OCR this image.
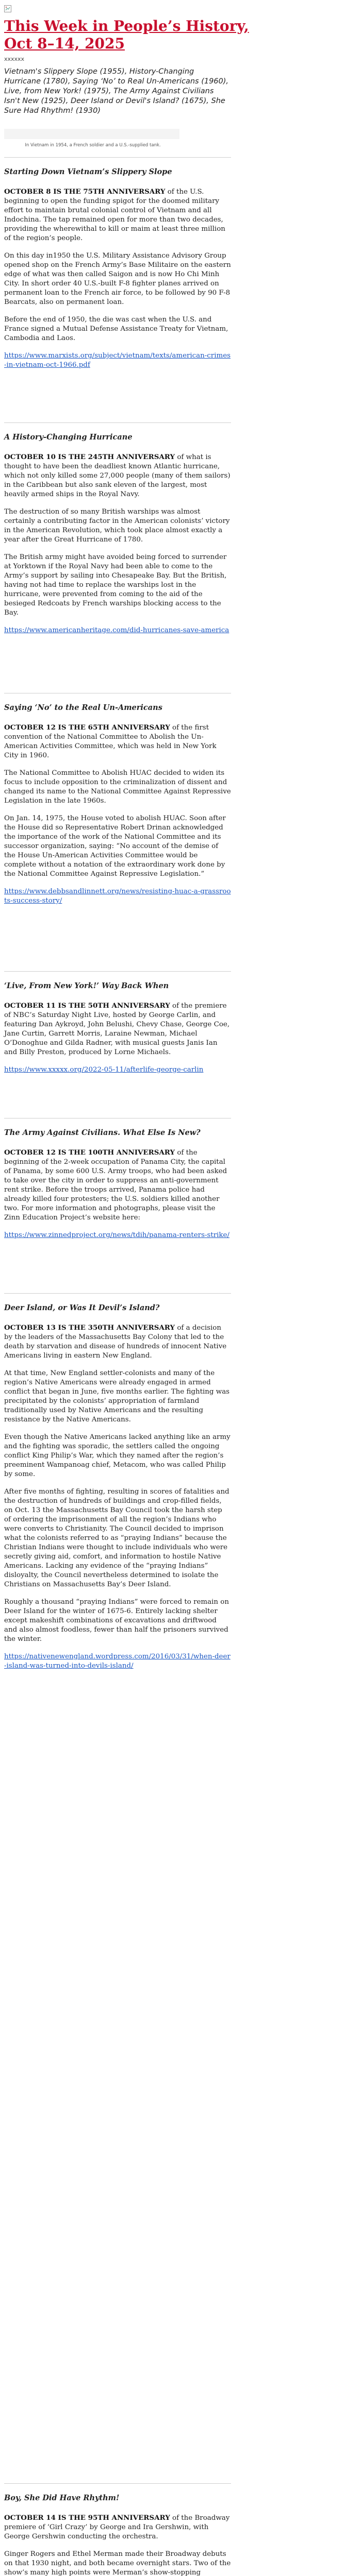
This Week in People’s History, Oct 8–14, 2025
xxxxxx
Vietnam's Slippery Slope (1955), History-Changing Hurricane (1780), Saying ‘No’ to Real Un-Americans (1960), Live, from New York! (1975), The Army Against Civilians Isn't New (1925), Deer Island or Devil's Island? (1675), She Sure Had Rhythm! (1930)
In Vietnam in 1954, a French soldier and a U.S.-supplied tank.
Starting Down Vietnam’s Slippery Slope

OCTOBER 8 IS THE 75TH ANNIVERSARY of the U.S. beginning to open the funding spigot for the doomed military effort to maintain brutal colonial control of Vietnam and all Indochina. The tap remained open for more than two decades, providing the wherewithal to kill or maim at least three million of the region’s people.

On this day in1950 the U.S. Military Assistance Advisory Group opened shop on the French Army’s Base Militaire on the eastern edge of what was then called Saigon and is now Ho Chi Minh City. In short order 40 U.S.-built F-8 fighter planes arrived on permanent loan to the French air force, to be followed by 90 F-8 Bearcats, also on permanent loan.

Before the end of 1950, the die was cast when the U.S. and France signed a Mutual Defense Assistance Treaty for Vietnam, Cambodia and Laos.

https://www.marxists.org/subject/vietnam/texts/american-crimes-in-vietnam-oct-1966.pdf

A History-Changing Hurricane

OCTOBER 10 IS THE 245TH ANNIVERSARY of what is thought to have been the deadliest known Atlantic hurricane, which not only killed some 27,000 people (many of them sailors) in the Caribbean but also sank eleven of the largest, most heavily armed ships in the Royal Navy.

The destruction of so many British warships was almost certainly a contributing factor in the American colonists’ victory in the American Revolution, which took place almost exactly a year after the Great Hurricane of 1780.

The British army might have avoided being forced to surrender at Yorktown if the Royal Navy had been able to come to the Army’s support by sailing into Chesapeake Bay. But the British, having not had time to replace the warships lost in the hurricane, were prevented from coming to the aid of the besieged Redcoats by French warships blocking access to the Bay.

https://www.americanheritage.com/did-hurricanes-save-america

Saying ‘No’ to the Real Un-Americans

OCTOBER 12 IS THE 65TH ANNIVERSARY of the first convention of the National Committee to Abolish the Un-American Activities Committee, which was held in New York City in 1960.

The National Committee to Abolish HUAC decided to widen its focus to include opposition to the criminalization of dissent and changed its name to the National Committee Against Repressive Legislation in the late 1960s.

On Jan. 14, 1975, the House voted to abolish HUAC. Soon after the House did so Representative Robert Drinan acknowledged the importance of the work of the National Committee and its successor organization, saying: “No account of the demise of the House Un-American Activities Committee would be complete without a notation of the extraordinary work done by the National Committee Against Repressive Legislation.”

https://www.debbsandlinnett.org/news/resisting-huac-a-grassroots-success-story/

‘Live, From New York!’ Way Back When

OCTOBER 11 IS THE 50TH ANNIVERSARY of the premiere of NBC’s Saturday Night Live, hosted by George Carlin, and featuring Dan Aykroyd, John Belushi, Chevy Chase, George Coe, Jane Curtin, Garrett Morris, Laraine Newman, Michael O’Donoghue and Gilda Radner, with musical guests Janis Ian and Billy Preston, produced by Lorne Michaels.

https://www.xxxxx.org/2022-05-11/afterlife-george-carlin

The Army Against Civilians. What Else Is New?

OCTOBER 12 IS THE 100TH ANNIVERSARY of the beginning of the 2-week occupation of Panama City, the capital of Panama, by some 600 U.S. Army troops, who had been asked to take over the city in order to suppress an anti-government rent strike. Before the troops arrived, Panama police had already killed four protesters; the U.S. soldiers killed another two. For more information and photographs, please visit the Zinn Education Project’s website here:

https://www.zinnedproject.org/news/tdih/panama-renters-strike/

Deer Island, or Was It Devil’s Island?

OCTOBER 13 IS THE 350TH ANNIVERSARY of a decision by the leaders of the Massachusetts Bay Colony that led to the death by starvation and disease of hundreds of innocent Native Americans living in eastern New England.

At that time, New England settler-colonists and many of the region’s Native Americans were already engaged in armed conflict that began in June, five months earlier. The fighting was precipitated by the colonists’ appropriation of farmland traditionally used by Native Americans and the resulting resistance by the Native Americans.

Even though the Native Americans lacked anything like an army and the fighting was sporadic, the settlers called the ongoing conflict King Philip’s War, which they named after the region’s preeminent Wampanoag chief, Metacom, who was called Philip by some.

After five months of fighting, resulting in scores of fatalities and the destruction of hundreds of buildings and crop-filled fields, on Oct. 13 the Massachusetts Bay Council took the harsh step of ordering the imprisonment of all the region’s Indians who were converts to Christianity. The Council decided to imprison what the colonists referred to as “praying Indians” because the Christian Indians were thought to include individuals who were secretly giving aid, comfort, and information to hostile Native Americans. Lacking any evidence of the “praying Indians” disloyalty, the Council nevertheless determined to isolate the Christians on Massachusetts Bay’s Deer Island.

Roughly a thousand “praying Indians” were forced to remain on Deer Island for the winter of 1675-6. Entirely lacking shelter except makeshift combinations of excavations and driftwood and also almost foodless, fewer than half the prisoners survived the winter.

https://nativenewengland.wordpress.com/2016/03/31/when-deer-island-was-turned-into-devils-island/

Boy, She Did Have Rhythm!

OCTOBER 14 IS THE 95TH ANNIVERSARY of the Broadway premiere of ‘Girl Crazy’ by George and Ira Gershwin, with George Gershwin conducting the orchestra.

Ginger Rogers and Ethel Merman made their Broadway debuts on that 1930 night, and both became overnight stars. Two of the show’s many high points were Merman’s show-stopping
